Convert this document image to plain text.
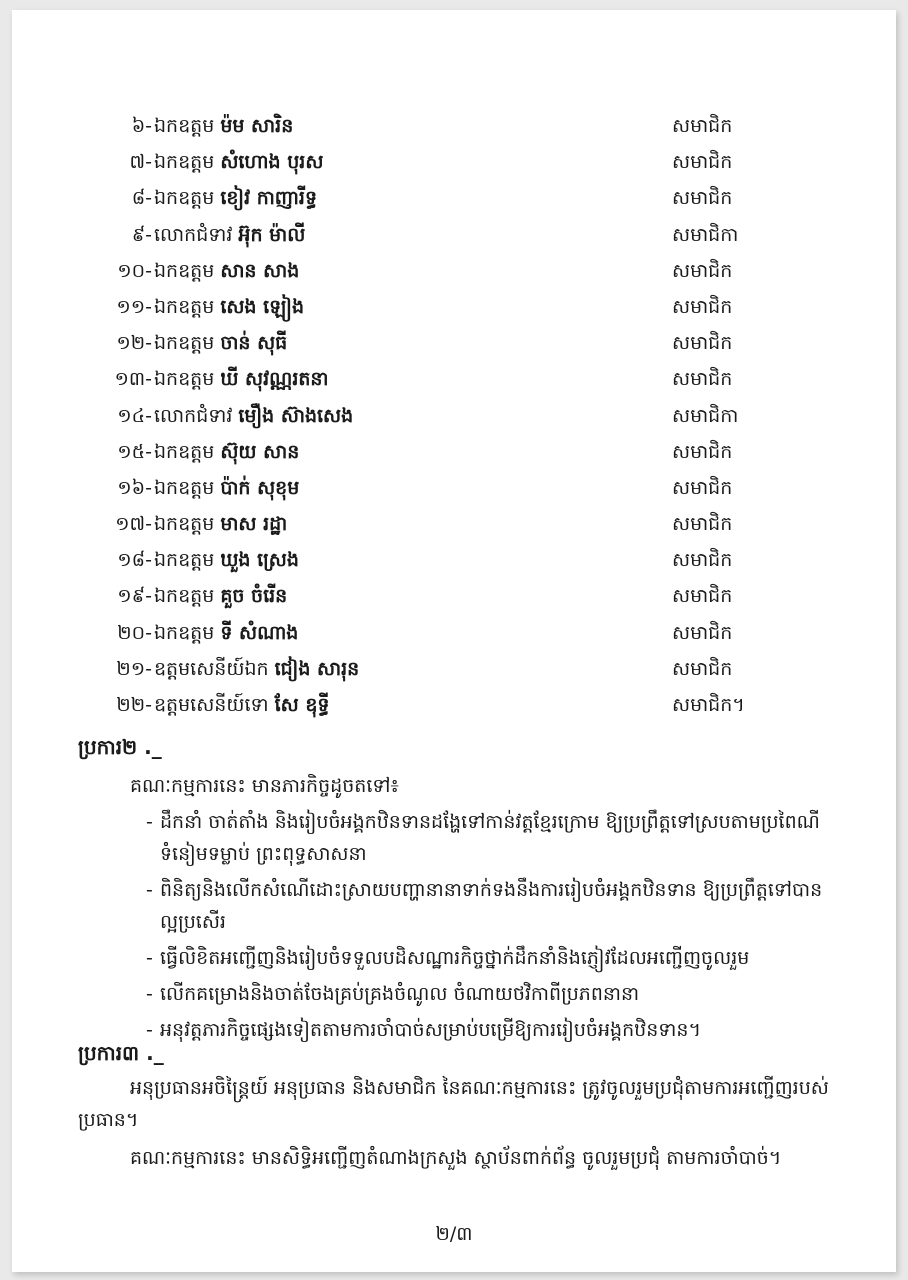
៦- ឯកឧត្តម ម៉ម សារិន	សមាជិក
៧- ឯកឧត្តម សំហោង បុរស	សមាជិក
៨- ឯកឧត្តម ខៀវ កាញារីទ្ធ	សមាជិក
៩- លោកជំទាវ អ៊ុក ម៉ាលី	សមាជិកា
១០- ឯកឧត្តម សាន សាង	សមាជិក
១១- ឯកឧត្តម សេង ឡៀង	សមាជិក
១២- ឯកឧត្តម ចាន់ សុធី	សមាជិក
១៣- ឯកឧត្តម ឃី សុវណ្ណរតនា	សមាជិក
១៤- លោកជំទាវ មឿង ស៊ាងសេង	សមាជិកា
១៥- ឯកឧត្តម ស៊ុយ សាន	សមាជិក
១៦- ឯកឧត្តម ប៉ាក់ សុខុម	សមាជិក
១៧- ឯកឧត្តម មាស រដ្ឋា	សមាជិក
១៨- ឯកឧត្តម ឃួង ស្រេង	សមាជិក
១៩- ឯកឧត្តម គួច ចំរើន	សមាជិក
២០- ឯកឧត្តម ទី សំណាង	សមាជិក
២១- ឧត្តមសេនីយ៍ឯក ជៀង សារុន	សមាជិក
២២- ឧត្តមសេនីយ៍ទោ សែ ឧុទ្ធី	សមាជិក។
ប្រការ២ ._
គណៈកម្មការនេះ មានភារកិច្ចដូចតទៅ៖
- ដឹកនាំ ចាត់តាំង និងរៀបចំអង្គកឋិនទានដង្ហែទៅកាន់វត្តខ្មែរក្រោម ឱ្យប្រព្រឹត្តទៅស្របតាមប្រពៃណី
ទំនៀមទម្លាប់ ព្រះពុទ្ធសាសនា
- ពិនិត្យនិងលើកសំណើដោះស្រាយបញ្ហានានាទាក់ទងនឹងការរៀបចំអង្គកឋិនទាន ឱ្យប្រព្រឹត្តទៅបាន
ល្អប្រសើរ
- ធ្វើលិខិតអញ្ជើញនិងរៀបចំទទួលបដិសណ្ឋារកិច្ចថ្នាក់ដឹកនាំនិងភ្ញៀវដែលអញ្ជើញចូលរួម
- លើកគម្រោងនិងចាត់ចែងគ្រប់គ្រងចំណូល ចំណាយថវិកាពីប្រភពនានា
- អនុវត្តភារកិច្ចផ្សេងទៀតតាមការចាំបាច់សម្រាប់បម្រើឱ្យការរៀបចំអង្គកឋិនទាន។
ប្រការ៣ ._
អនុប្រធានអចិន្ត្រៃយ៍ អនុប្រធាន និងសមាជិក នៃគណៈកម្មការនេះ ត្រូវចូលរួមប្រជុំតាមការអញ្ជើញរបស់
ប្រធាន។
គណៈកម្មការនេះ មានសិទ្ធិអញ្ជើញតំណាងក្រសួង ស្ថាប័នពាក់ព័ន្ធ ចូលរួមប្រជុំ តាមការចាំបាច់។
២/៣
